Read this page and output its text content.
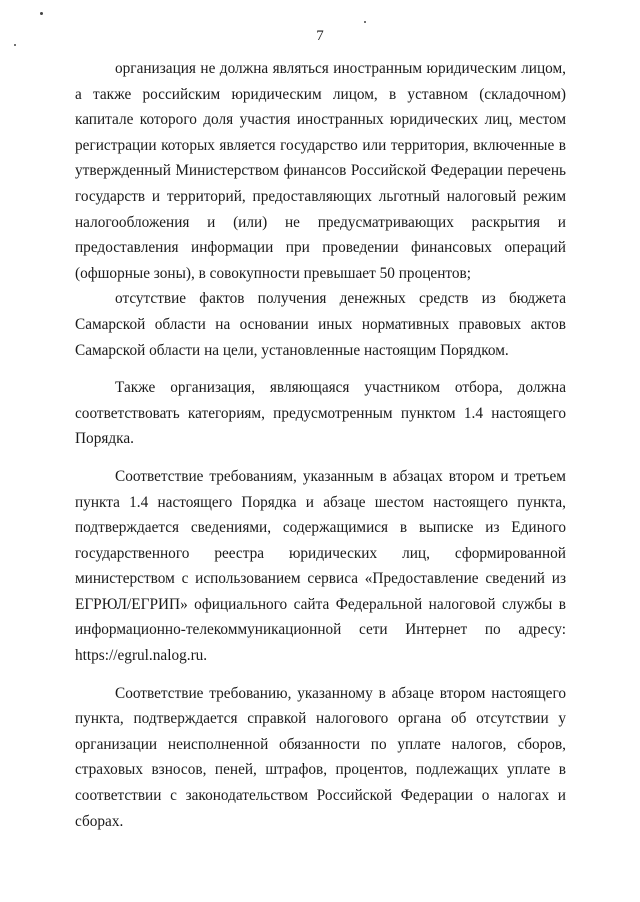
7

организация не должна являться иностранным юридическим лицом, а также российским юридическим лицом, в уставном (складочном) капитале которого доля участия иностранных юридических лиц, местом регистрации которых является государство или территория, включенные в утвержденный Министерством финансов Российской Федерации перечень государств и территорий, предоставляющих льготный налоговый режим налогообложения и (или) не предусматривающих раскрытия и предоставления информации при проведении финансовых операций (офшорные зоны), в совокупности превышает 50 процентов;

отсутствие фактов получения денежных средств из бюджета Самарской области на основании иных нормативных правовых актов Самарской области на цели, установленные настоящим Порядком.

Также организация, являющаяся участником отбора, должна соответствовать категориям, предусмотренным пунктом 1.4 настоящего Порядка.

Соответствие требованиям, указанным в абзацах втором и третьем пункта 1.4 настоящего Порядка и абзаце шестом настоящего пункта, подтверждается сведениями, содержащимися в выписке из Единого государственного реестра юридических лиц, сформированной министерством с использованием сервиса «Предоставление сведений из ЕГРЮЛ/ЕГРИП» официального сайта Федеральной налоговой службы в информационно-телекоммуникационной сети Интернет по адресу: https://egrul.nalog.ru.

Соответствие требованию, указанному в абзаце втором настоящего пункта, подтверждается справкой налогового органа об отсутствии у организации неисполненной обязанности по уплате налогов, сборов, страховых взносов, пеней, штрафов, процентов, подлежащих уплате в соответствии с законодательством Российской Федерации о налогах и сборах.
